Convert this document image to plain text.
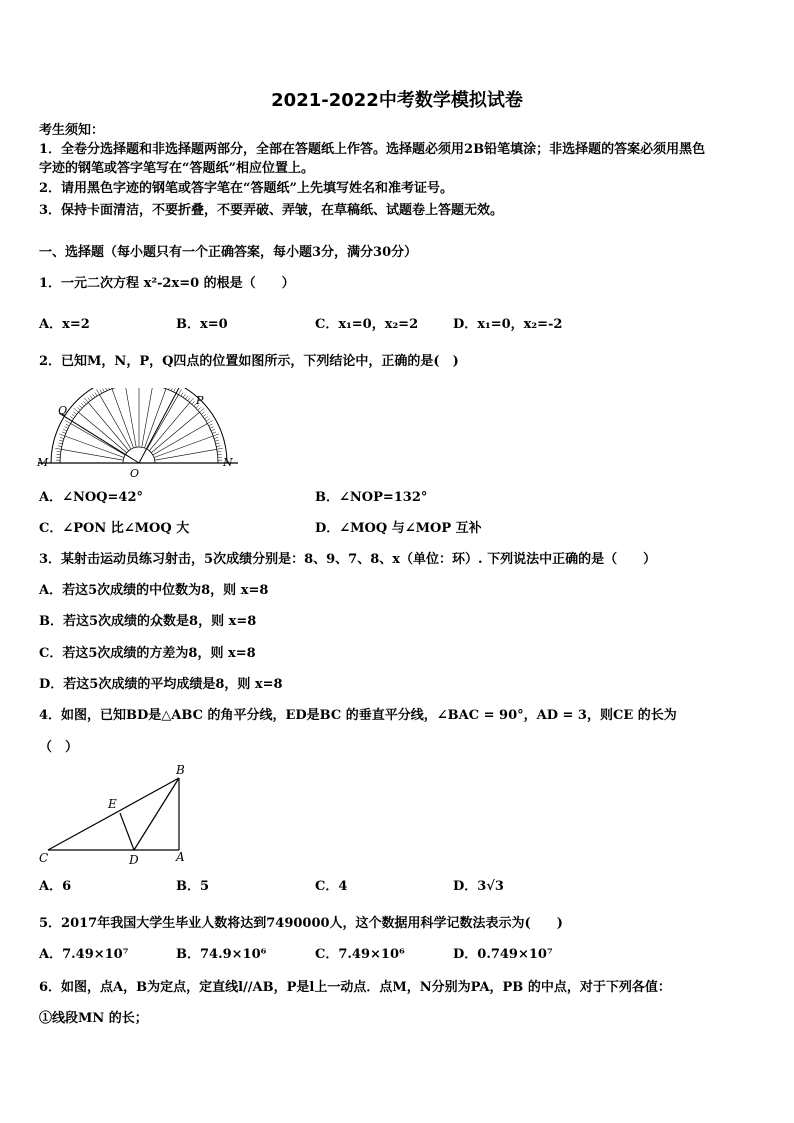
2021-2022中考数学模拟试卷
考生须知：
1．全卷分选择题和非选择题两部分，全部在答题纸上作答。选择题必须用2B铅笔填涂；非选择题的答案必须用黑色
字迹的钢笔或答字笔写在“答题纸”相应位置上。
2．请用黑色字迹的钢笔或答字笔在“答题纸”上先填写姓名和准考证号。
3．保持卡面清洁，不要折叠，不要弄破、弄皱，在草稿纸、试题卷上答题无效。
一、选择题（每小题只有一个正确答案，每小题3分，满分30分）
1．一元二次方程 x²-2x=0 的根是（　　）
A．x=2	B．x=0	C．x₁=0，x₂=2	D．x₁=0，x₂=-2
2．已知M，N，P，Q四点的位置如图所示，下列结论中，正确的是(　)
Q
P
M	N
O
A．∠NOQ=42°	B．∠NOP=132°
C．∠PON 比∠MOQ 大	D．∠MOQ 与∠MOP 互补
3．某射击运动员练习射击，5次成绩分别是：8、9、7、8、x（单位：环）. 下列说法中正确的是（　　）
A．若这5次成绩的中位数为8，则 x=8
B．若这5次成绩的众数是8，则 x=8
C．若这5次成绩的方差为8，则 x=8
D．若这5次成绩的平均成绩是8，则 x=8
4．如图，已知BD是△ABC 的角平分线，ED是BC 的垂直平分线，∠BAC = 90°，AD = 3，则CE 的长为
（　）
B
E
C	D	A
A．6	B．5	C．4	D．3√3
5．2017年我国大学生毕业人数将达到7490000人，这个数据用科学记数法表示为(　　)
A．7.49×10⁷	B．74.9×10⁶	C．7.49×10⁶	D．0.749×10⁷
6．如图，点A，B为定点，定直线l//AB，P是l上一动点．点M，N分别为PA，PB 的中点，对于下列各值：
①线段MN 的长；
